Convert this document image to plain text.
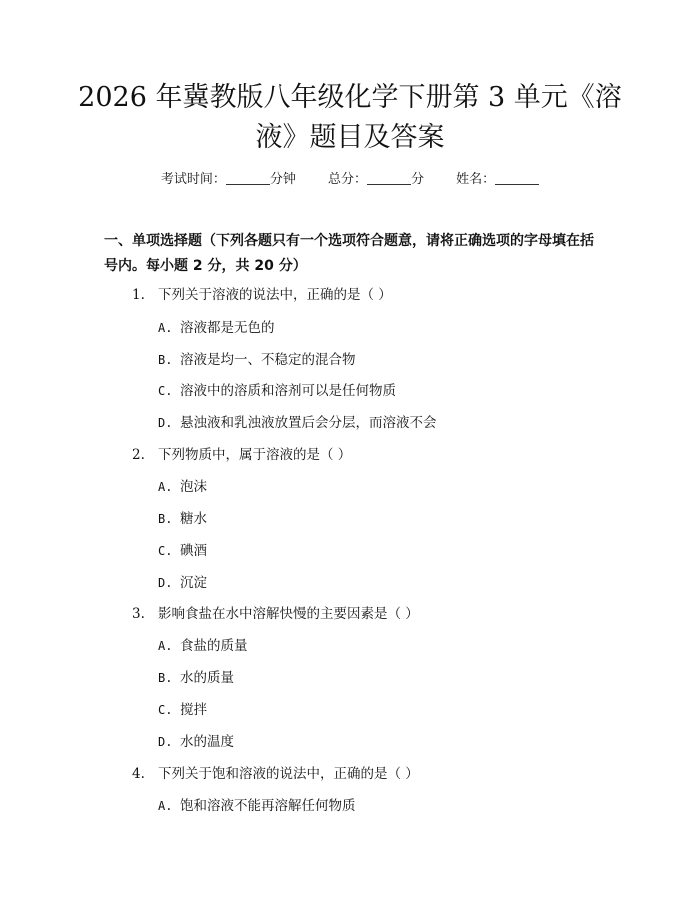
2026 年冀教版八年级化学下册第 3 单元《溶
液》题目及答案
考试时间：	分钟 总分：	分 姓名：
一、单项选择题（下列各题只有一个选项符合题意，请将正确选项的字母填在括号内。每小题 2 分，共 20 分）
1. 下列关于溶液的说法中，正确的是（ ）
A. 溶液都是无色的
B. 溶液是均一、不稳定的混合物
C. 溶液中的溶质和溶剂可以是任何物质
D. 悬浊液和乳浊液放置后会分层，而溶液不会
2. 下列物质中，属于溶液的是（ ）
A. 泡沫
B. 糖水
C. 碘酒
D. 沉淀
3. 影响食盐在水中溶解快慢的主要因素是（ ）
A. 食盐的质量
B. 水的质量
C. 搅拌
D. 水的温度
4. 下列关于饱和溶液的说法中，正确的是（ ）
A. 饱和溶液不能再溶解任何物质
